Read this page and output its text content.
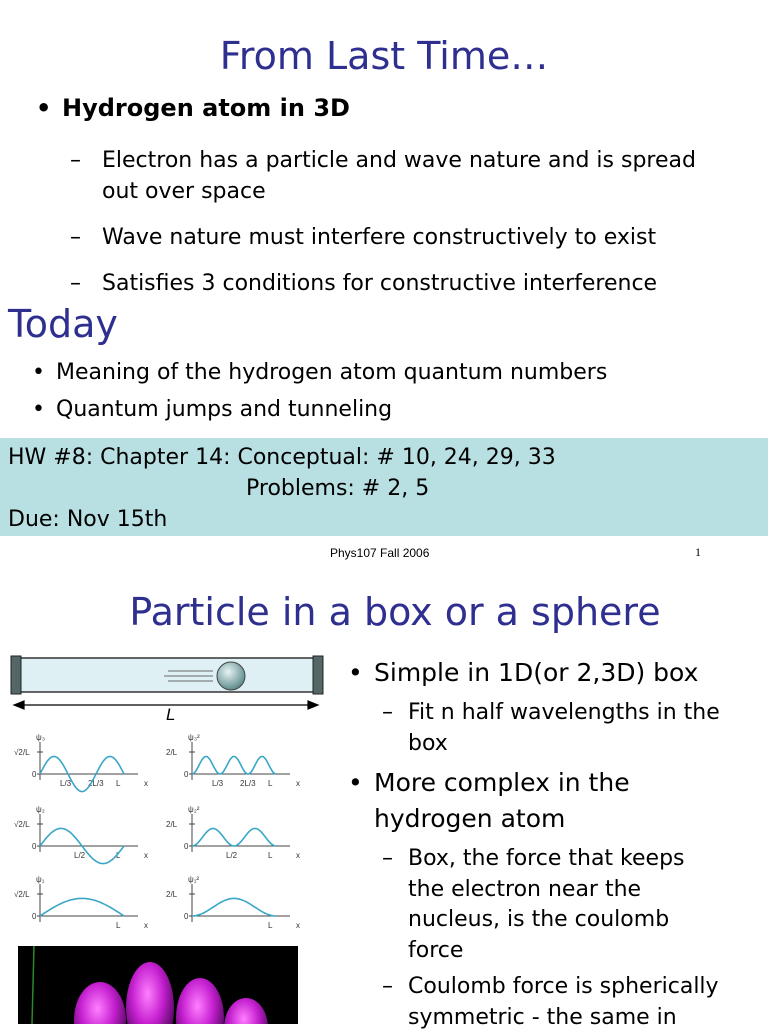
From Last Time…
• Hydrogen atom in 3D
– Electron has a particle and wave nature and is spread out over space
– Wave nature must interfere constructively to exist
– Satisfies 3 conditions for constructive interference
Today
• Meaning of the hydrogen atom quantum numbers
• Quantum jumps and tunneling
HW #8: Chapter 14: Conceptual: # 10, 24, 29, 33
Problems: # 2, 5
Due: Nov 15th
Phys107 Fall 2006	1
Particle in a box or a sphere
• Simple in 1D(or 2,3D) box
– Fit n half wavelengths in the box
• More complex in the hydrogen atom
– Box, the force that keeps the electron near the nucleus, is the coulomb force
– Coulomb force is spherically symmetric - the same in
L
ψ₃
√2/L
0
L/3 2L/3 L	x
ψ₃²
2/L
0
L/3 2L/3 L	x
ψ₂
√2/L
0
L/2	L	x
ψ₂²
2/L
0
L/2	L	x
ψ₁
√2/L
0
L	x
ψ₁²
2/L
0
L	x
